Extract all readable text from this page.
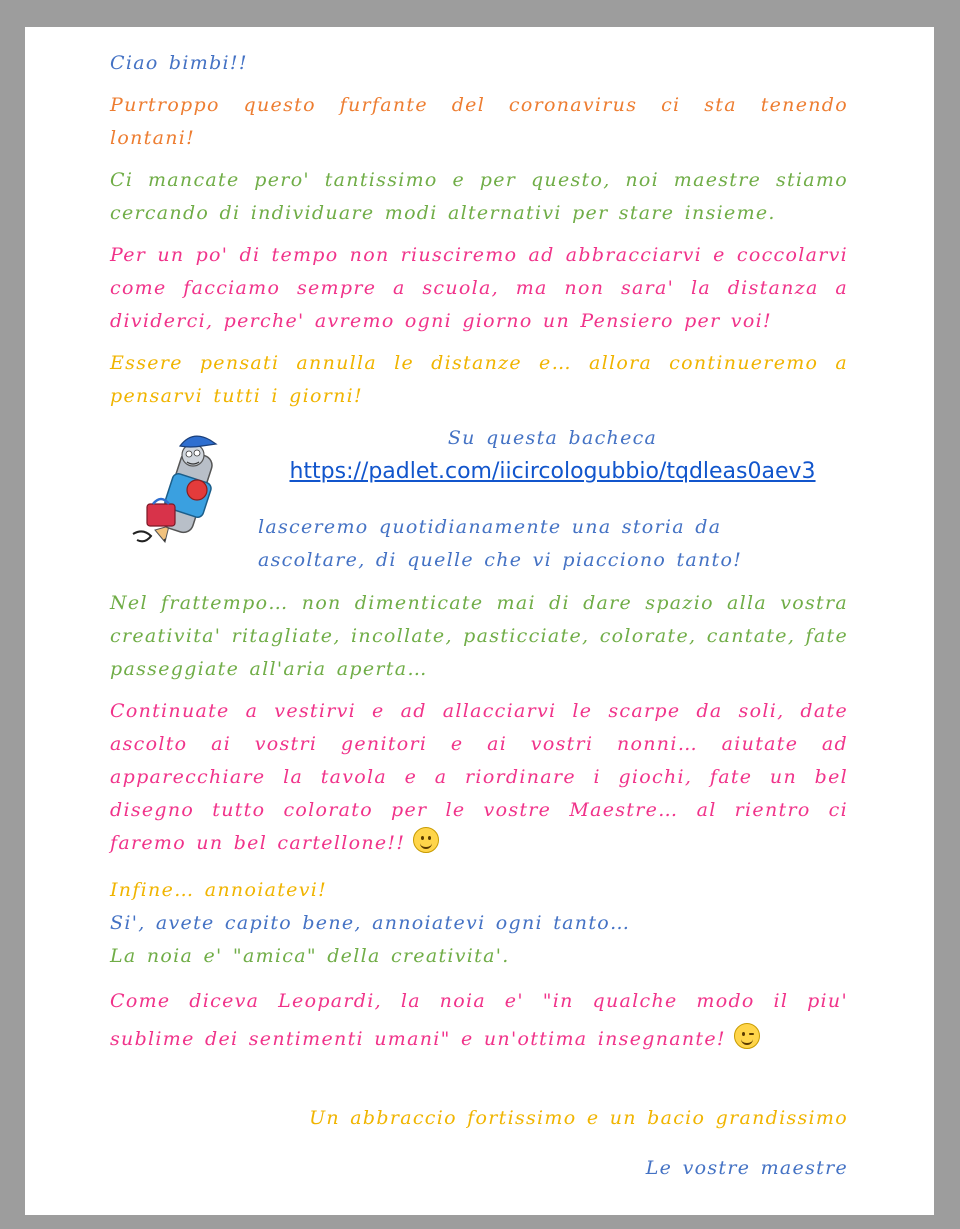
Ciao bimbi!!

Purtroppo questo furfante del coronavirus ci sta tenendo lontani!

Ci mancate pero' tantissimo e per questo, noi maestre stiamo cercando di individuare modi alternativi per stare insieme.

Per un po' di tempo non riusciremo ad abbracciarvi e coccolarvi come facciamo sempre a scuola, ma non sara' la distanza a dividerci, perche' avremo ogni giorno un Pensiero per voi!

Essere pensati annulla le distanze e… allora continueremo a pensarvi tutti i giorni!

Su questa bacheca

https://padlet.com/iicircologubbio/tqdleas0aev3

lasceremo quotidianamente una storia da ascoltare, di quelle che vi piacciono tanto!

Nel frattempo… non dimenticate mai di dare spazio alla vostra creativita' ritagliate, incollate, pasticciate, colorate, cantate, fate passeggiate all'aria aperta…

Continuate a vestirvi e ad allacciarvi le scarpe da soli, date ascolto ai vostri genitori e ai vostri nonni… aiutate ad apparecchiare la tavola e a riordinare i giochi, fate un bel disegno tutto colorato per le vostre Maestre… al rientro ci faremo un bel cartellone!!

Infine… annoiatevi!

Si', avete capito bene, annoiatevi ogni tanto…

La noia e' "amica" della creativita'.

Come diceva Leopardi, la noia e' "in qualche modo il piu' sublime dei sentimenti umani" e un'ottima insegnante!

Un abbraccio fortissimo e un bacio grandissimo

Le vostre maestre
